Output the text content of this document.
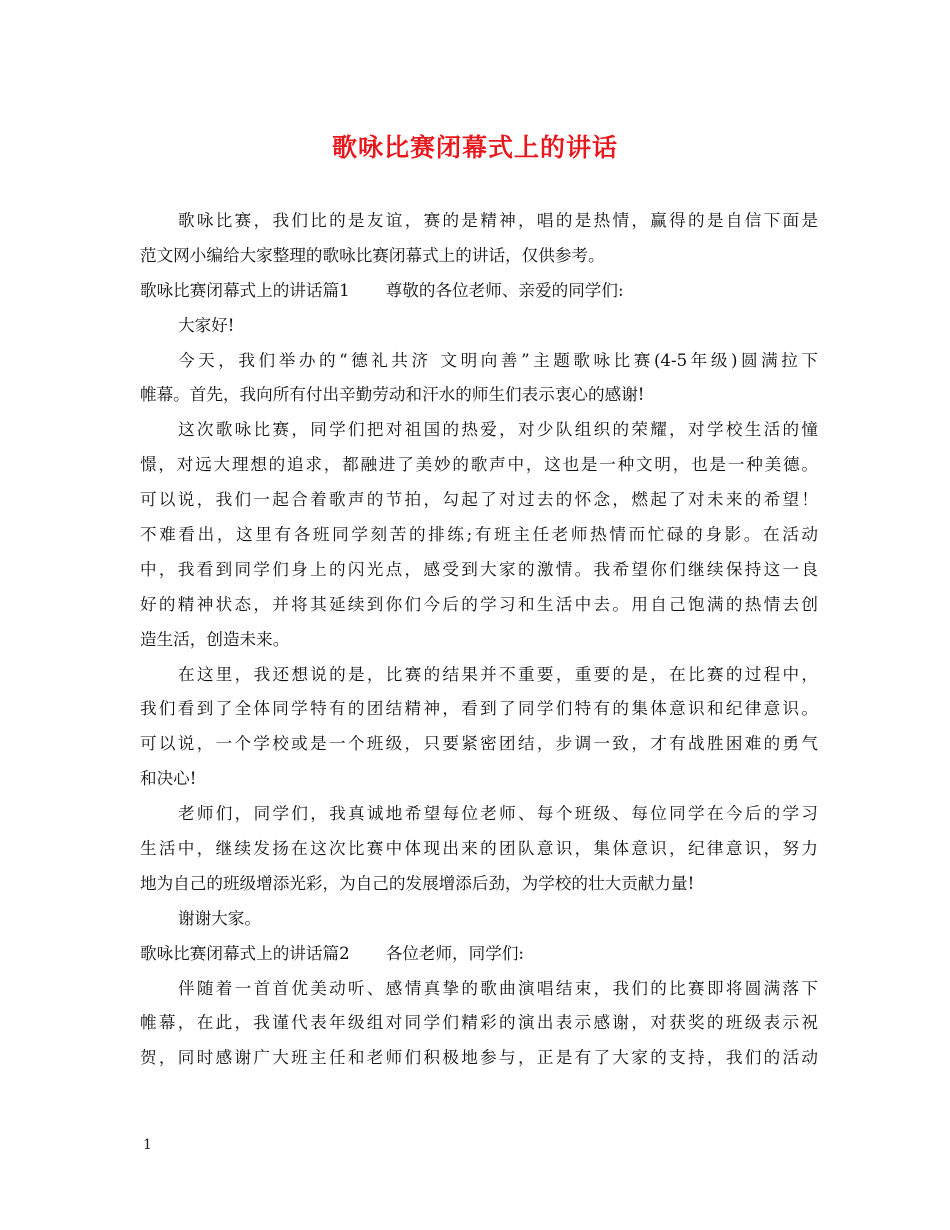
歌咏比赛闭幕式上的讲话
歌咏比赛，我们比的是友谊，赛的是精神，唱的是热情，赢得的是自信下面是
范文网小编给大家整理的歌咏比赛闭幕式上的讲话，仅供参考。
歌咏比赛闭幕式上的讲话篇1 尊敬的各位老师、亲爱的同学们:
大家好!
今天，我们举办的“德礼共济 文明向善”主题歌咏比赛(4-5年级)圆满拉下
帷幕。首先，我向所有付出辛勤劳动和汗水的师生们表示衷心的感谢!
这次歌咏比赛，同学们把对祖国的热爱，对少队组织的荣耀，对学校生活的憧
憬，对远大理想的追求，都融进了美妙的歌声中，这也是一种文明，也是一种美德。
可以说，我们一起合着歌声的节拍，勾起了对过去的怀念，燃起了对未来的希望！
不难看出，这里有各班同学刻苦的排练;有班主任老师热情而忙碌的身影。在活动
中，我看到同学们身上的闪光点，感受到大家的激情。我希望你们继续保持这一良
好的精神状态，并将其延续到你们今后的学习和生活中去。用自己饱满的热情去创
造生活，创造未来。
在这里，我还想说的是，比赛的结果并不重要，重要的是，在比赛的过程中，
我们看到了全体同学特有的团结精神，看到了同学们特有的集体意识和纪律意识。
可以说，一个学校或是一个班级，只要紧密团结，步调一致，才有战胜困难的勇气
和决心!
老师们，同学们，我真诚地希望每位老师、每个班级、每位同学在今后的学习
生活中，继续发扬在这次比赛中体现出来的团队意识，集体意识，纪律意识，努力
地为自己的班级增添光彩，为自己的发展增添后劲，为学校的壮大贡献力量!
谢谢大家。
歌咏比赛闭幕式上的讲话篇2 各位老师，同学们:
伴随着一首首优美动听、感情真挚的歌曲演唱结束，我们的比赛即将圆满落下
帷幕，在此，我谨代表年级组对同学们精彩的演出表示感谢，对获奖的班级表示祝
贺，同时感谢广大班主任和老师们积极地参与，正是有了大家的支持，我们的活动
1
